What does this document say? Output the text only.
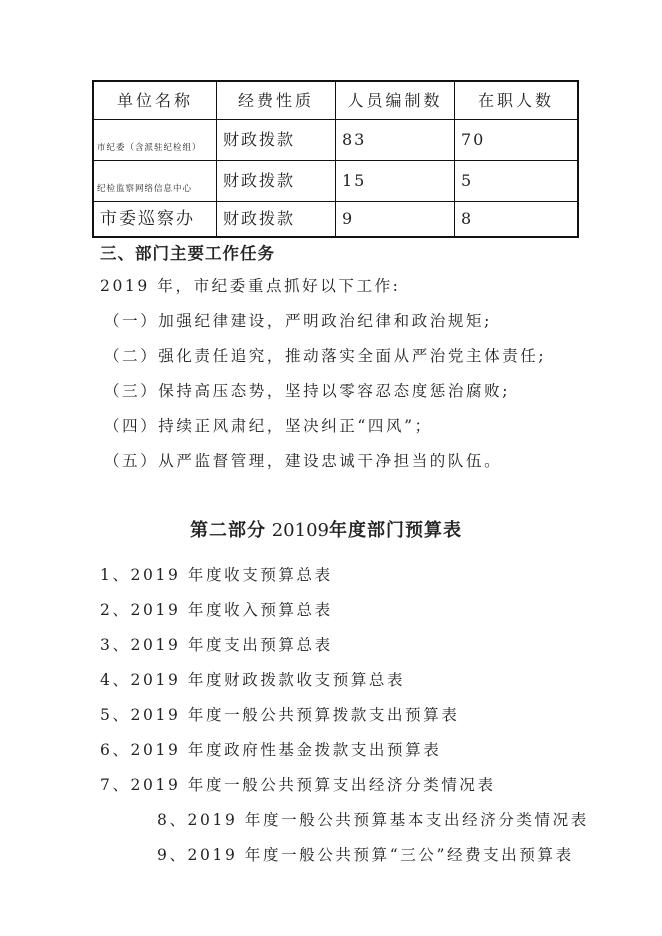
单位名称	经费性质	人员编制数	在职人数
市纪委（含派驻纪检组）	财政拨款	83	70
纪检监察网络信息中心	财政拨款	15	5
市委巡察办	财政拨款	9	8
三、部门主要工作任务
2019 年，市纪委重点抓好以下工作:
（一）加强纪律建设，严明政治纪律和政治规矩;
（二）强化责任追究，推动落实全面从严治党主体责任;
（三）保持高压态势，坚持以零容忍态度惩治腐败;
（四）持续正风肃纪，坚决纠正“四风”；
（五）从严监督管理，建设忠诚干净担当的队伍。
第二部分 20109年度部门预算表
1、2019 年度收支预算总表
2、2019 年度收入预算总表
3、2019 年度支出预算总表
4、2019 年度财政拨款收支预算总表
5、2019 年度一般公共预算拨款支出预算表
6、2019 年度政府性基金拨款支出预算表
7、2019 年度一般公共预算支出经济分类情况表
8、2019 年度一般公共预算基本支出经济分类情况表
9、2019 年度一般公共预算“三公”经费支出预算表
